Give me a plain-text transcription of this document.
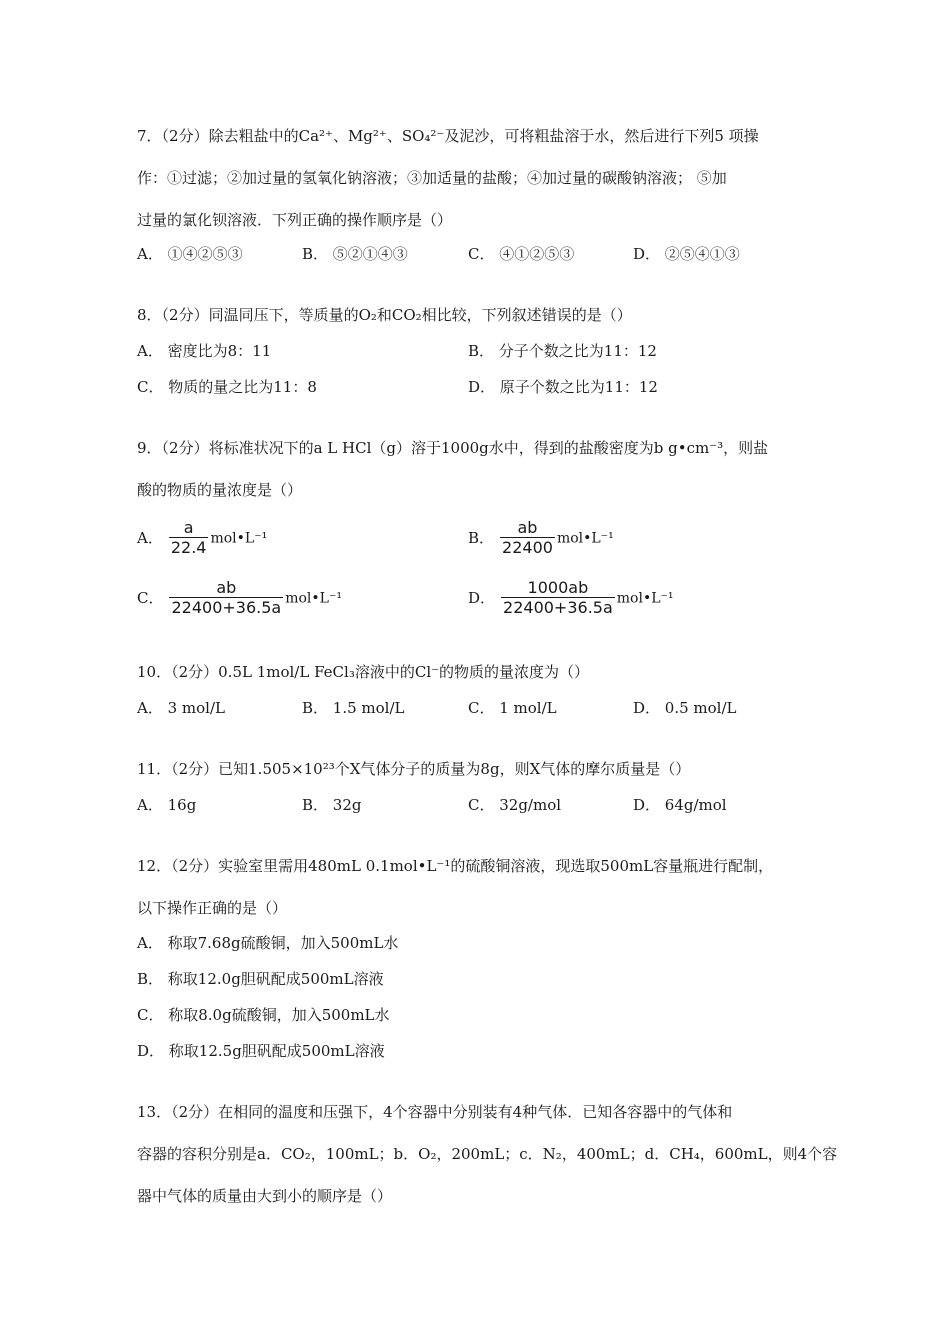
7．（2分）除去粗盐中的Ca²⁺、Mg²⁺、SO₄²⁻及泥沙，可将粗盐溶于水，然后进行下列5 项操
作：①过滤；②加过量的氢氧化钠溶液；③加适量的盐酸；④加过量的碳酸钠溶液； ⑤加
过量的氯化钡溶液．下列正确的操作顺序是（）
A． ①④②⑤③	B． ⑤②①④③	C． ④①②⑤③	D． ②⑤④①③
8．（2分）同温同压下，等质量的O₂和CO₂相比较，下列叙述错误的是（）
A． 密度比为8：11	B． 分子个数之比为11：12
C． 物质的量之比为11：8	D． 原子个数之比为11：12
9．（2分）将标准状况下的a L HCl（g）溶于1000g水中，得到的盐酸密度为b g•cm⁻³，则盐
酸的物质的量浓度是（）
A． $\frac{a}{22.4}$ mol•L⁻¹	B． $\frac{ab}{22400}$ mol•L⁻¹
C． $\frac{ab}{22400+36.5a}$ mol•L⁻¹	D． $\frac{1000ab}{22400+36.5a}$ mol•L⁻¹
10．（2分）0.5L 1mol/L FeCl₃溶液中的Cl⁻的物质的量浓度为（）
A． 3 mol/L	B． 1.5 mol/L	C． 1 mol/L	D． 0.5 mol/L
11．（2分）已知1.505×10²³个X气体分子的质量为8g，则X气体的摩尔质量是（）
A． 16g	B． 32g	C． 32g/mol	D． 64g/mol
12．（2分）实验室里需用480mL 0.1mol•L⁻¹的硫酸铜溶液，现选取500mL容量瓶进行配制，
以下操作正确的是（）
A． 称取7.68g硫酸铜，加入500mL水
B． 称取12.0g胆矾配成500mL溶液
C． 称取8.0g硫酸铜，加入500mL水
D． 称取12.5g胆矾配成500mL溶液
13．（2分）在相同的温度和压强下，4个容器中分别装有4种气体．已知各容器中的气体和
容器的容积分别是a．CO₂，100mL；b．O₂，200mL；c．N₂，400mL；d．CH₄，600mL，则4个容
器中气体的质量由大到小的顺序是（）
